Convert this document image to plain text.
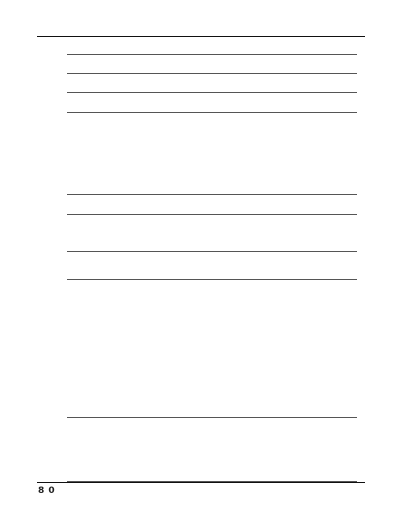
8 0
